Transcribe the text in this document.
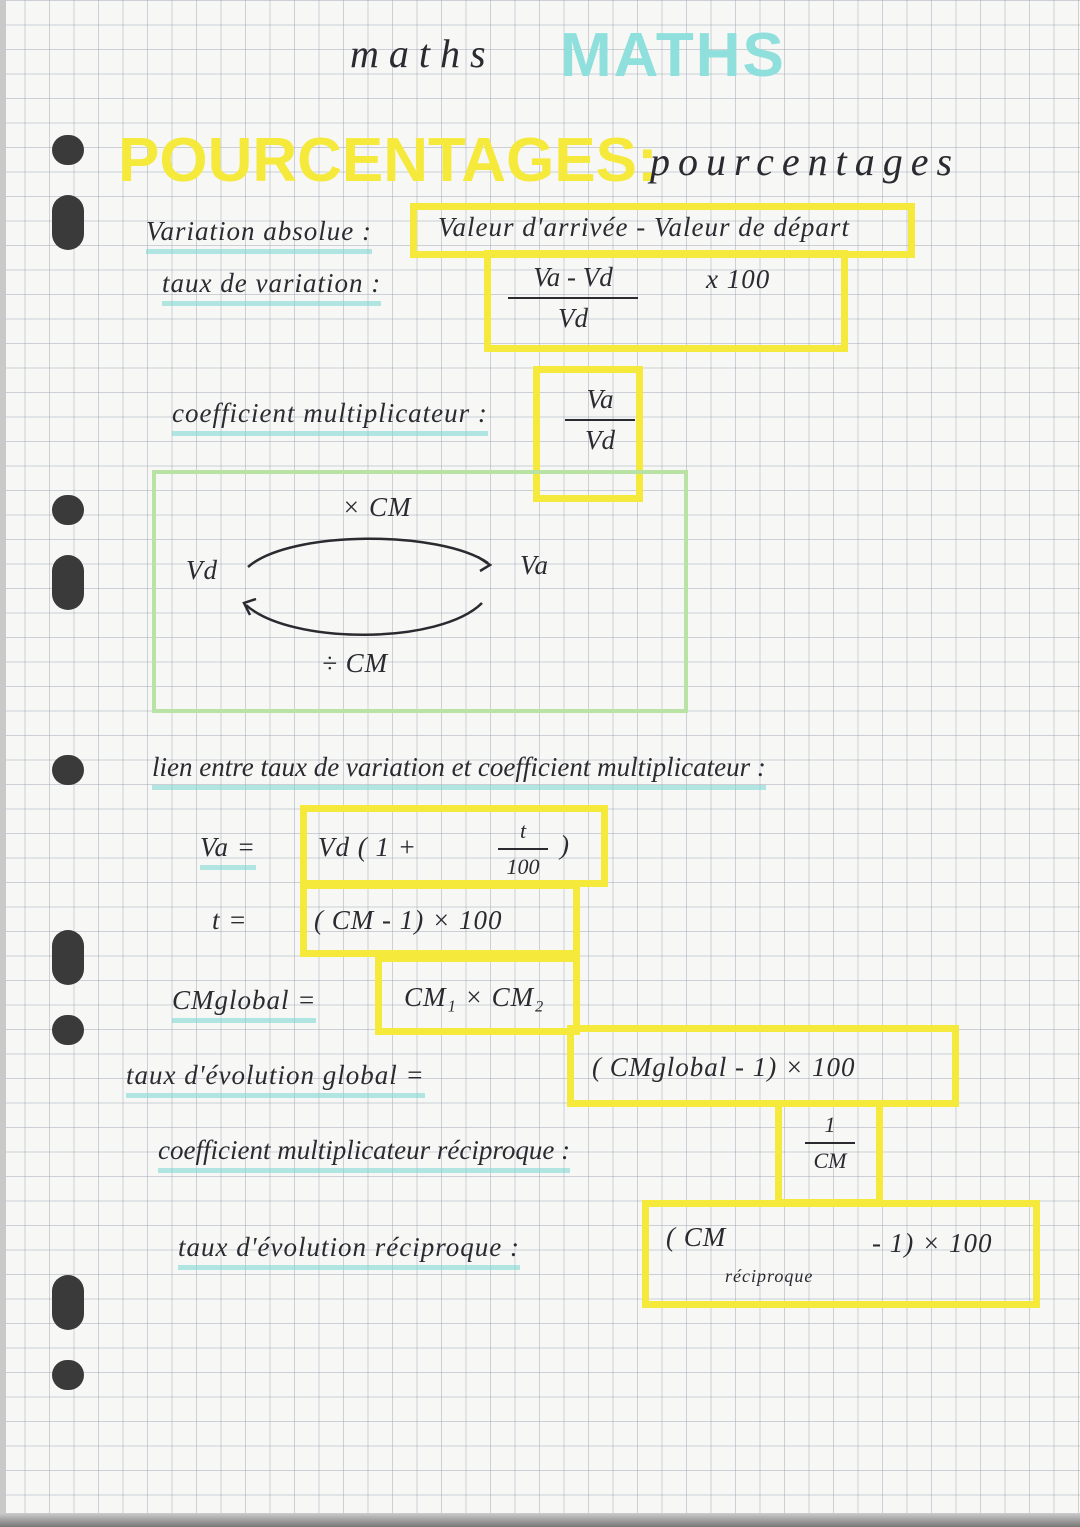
maths MATHS
POURCENTAGES:
pourcentages
Variation absolue : Valeur d'arrivée - Valeur de départ
taux de variation :	Va - Vd
Vd
x 100
coefficient multiplicateur :	Va
Vd
Vd	Va
× CM
÷ CM
lien entre taux de variation et coefficient multiplicateur :
Va = Vd ( 1 +
t
100
)
t = ( CM - 1) × 100
CMglobal =	CM₁ × CM₂
taux d'évolution global =	( CMglobal - 1) × 100
coefficient multiplicateur réciproque :
1
CM
taux d'évolution réciproque :	( CM
réciproque
- 1) × 100
